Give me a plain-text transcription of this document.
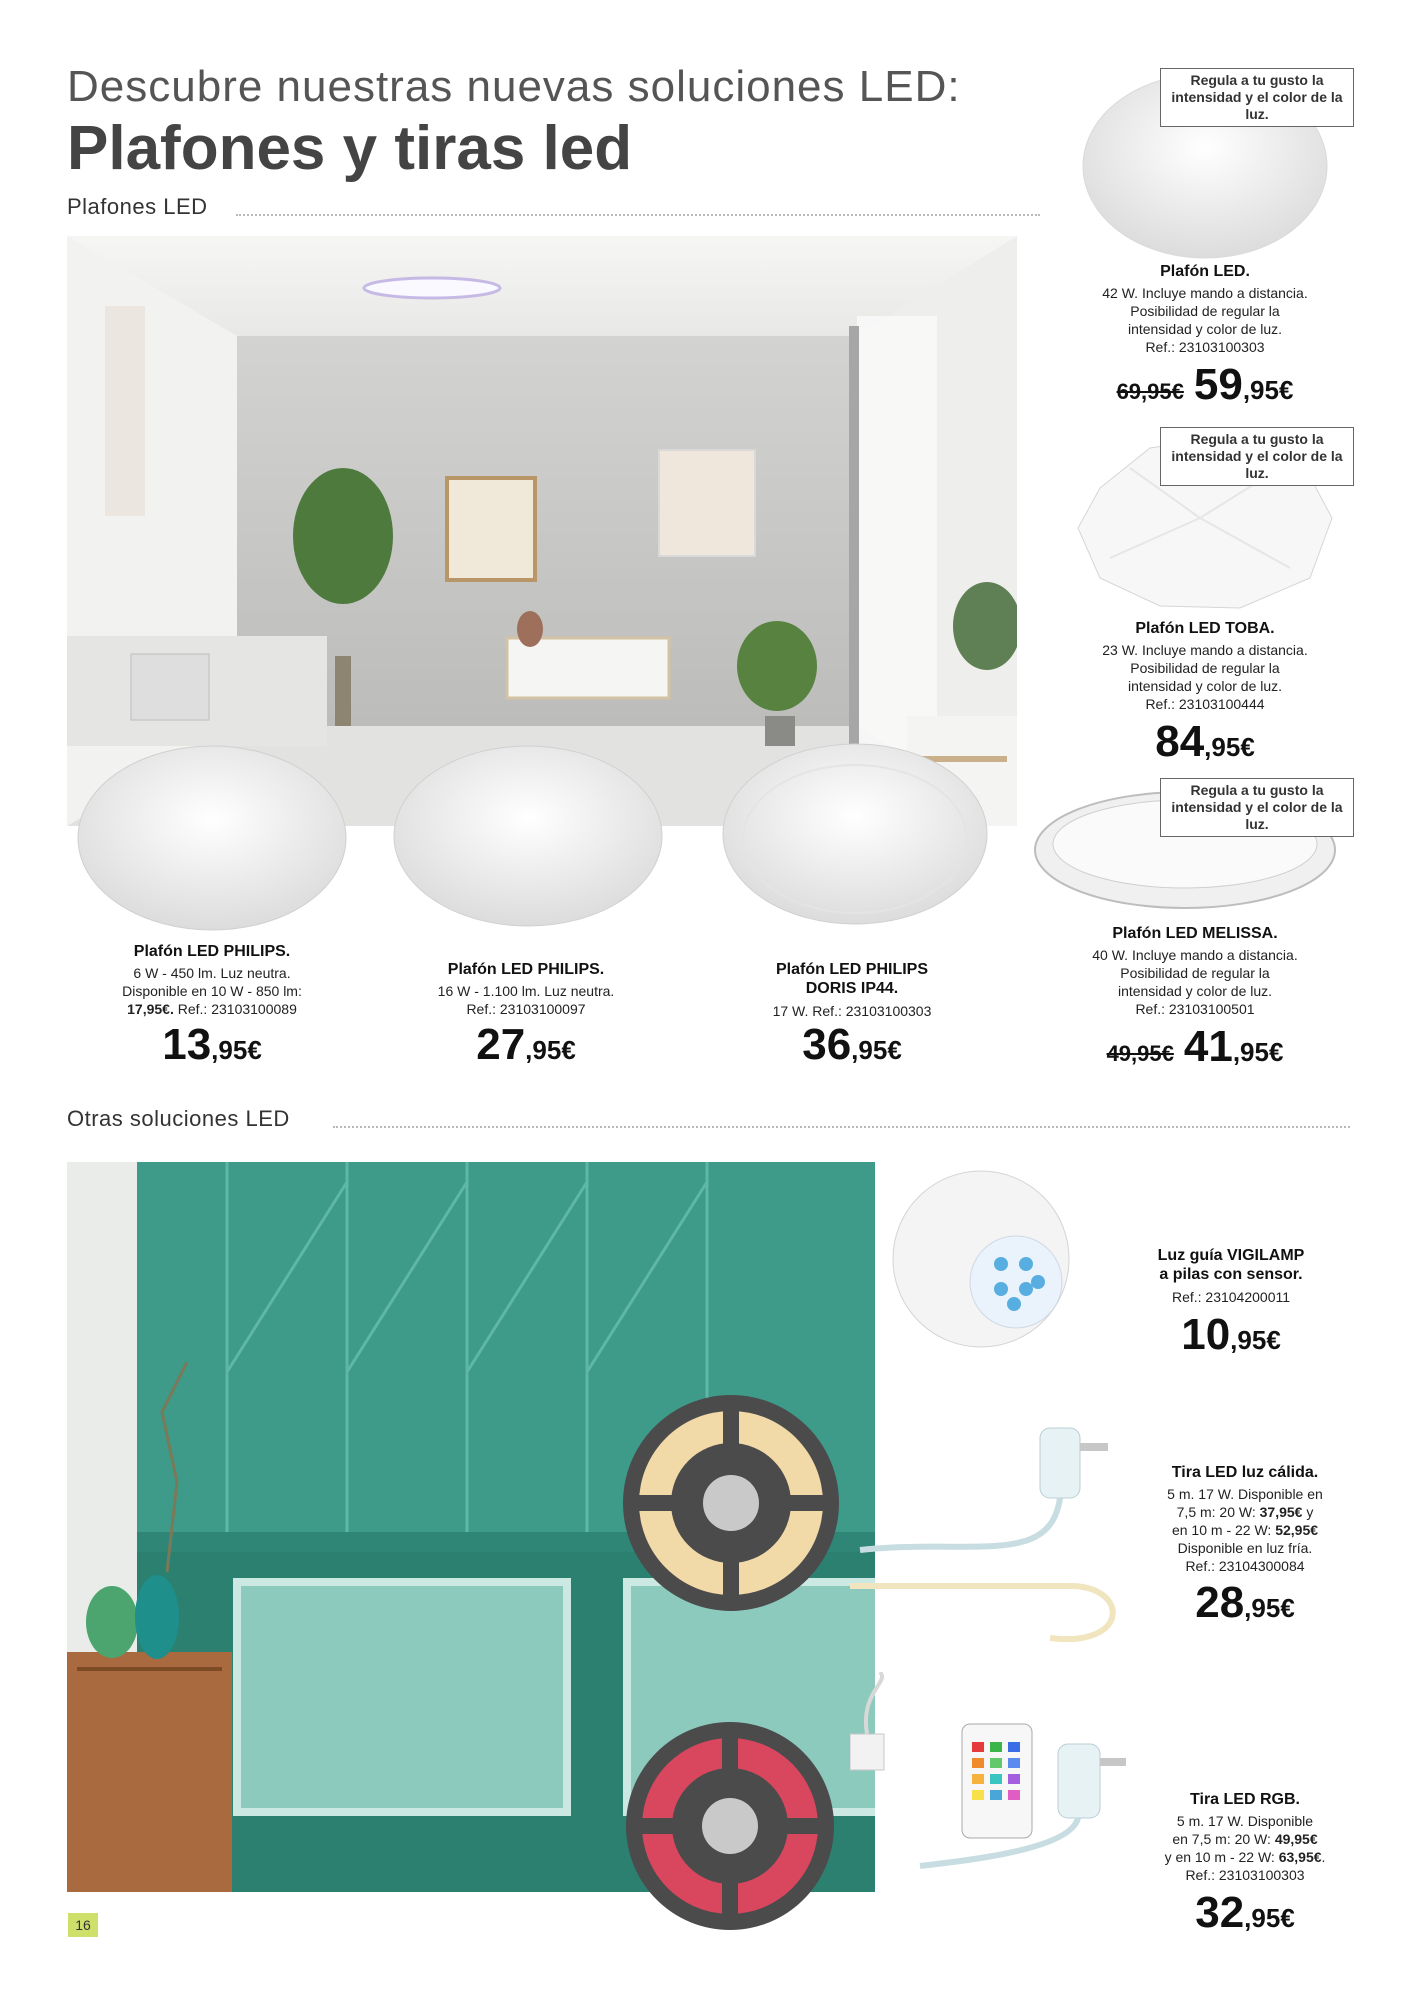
Descubre nuestras nuevas soluciones LED:
Plafones y tiras led
Plafones LED
Regula a tu gusto la intensidad y el color de la luz.
Plafón LED.
42 W. Incluye mando a distancia.
Posibilidad de regular la
intensidad y color de luz.
Ref.: 23103100303
69,95€ 59,95€
Regula a tu gusto la intensidad y el color de la luz.
Plafón LED TOBA.
23 W. Incluye mando a distancia.
Posibilidad de regular la
intensidad y color de luz.
Ref.: 23103100444
84,95€
Regula a tu gusto la intensidad y el color de la luz.
Plafón LED MELISSA.
40 W. Incluye mando a distancia.
Posibilidad de regular la
intensidad y color de luz.
Ref.: 23103100501
49,95€ 41,95€
Plafón LED PHILIPS.
6 W - 450 lm. Luz neutra.
Disponible en 10 W - 850 lm:
17,95€. Ref.: 23103100089
13,95€
Plafón LED PHILIPS.
16 W - 1.100 lm. Luz neutra.
Ref.: 23103100097
27,95€
Plafón LED PHILIPS
DORIS IP44.
17 W. Ref.: 23103100303
36,95€
Otras soluciones LED
Luz guía VIGILAMP
a pilas con sensor.
Ref.: 23104200011
10,95€
Tira LED luz cálida.
5 m. 17 W. Disponible en
7,5 m: 20 W: 37,95€ y
en 10 m - 22 W: 52,95€
Disponible en luz fría.
Ref.: 23104300084
28,95€
Tira LED RGB.
5 m. 17 W. Disponible
en 7,5 m: 20 W: 49,95€
y en 10 m - 22 W: 63,95€.
Ref.: 23103100303
32,95€
16
